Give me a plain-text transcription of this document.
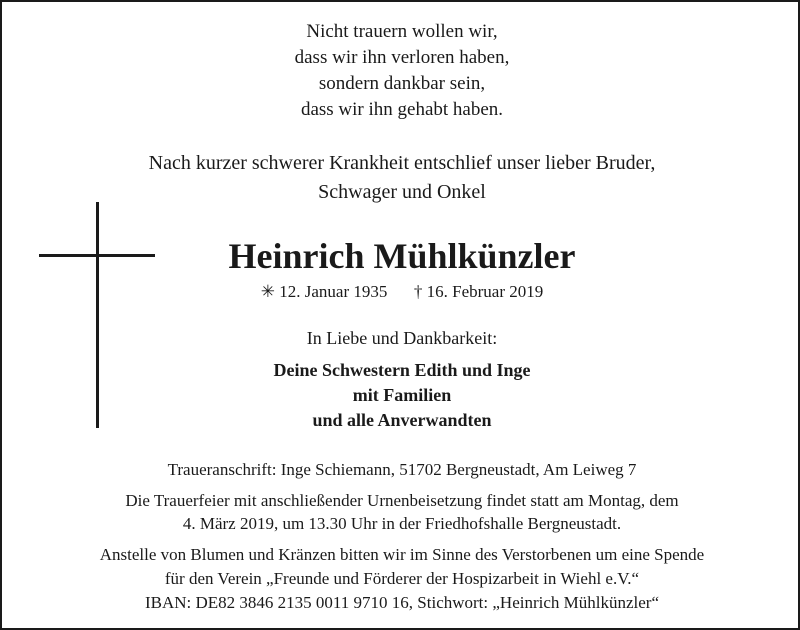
Nicht trauern wollen wir,
dass wir ihn verloren haben,
sondern dankbar sein,
dass wir ihn gehabt haben.
Nach kurzer schwerer Krankheit entschlief unser lieber Bruder,
Schwager und Onkel
Heinrich Mühlkünzler
✳ 12. Januar 1935 † 16. Februar 2019
In Liebe und Dankbarkeit:
Deine Schwestern Edith und Inge
mit Familien
und alle Anverwandten
Traueranschrift: Inge Schiemann, 51702 Bergneustadt, Am Leiweg 7
Die Trauerfeier mit anschließender Urnenbeisetzung findet statt am Montag, dem
4. März 2019, um 13.30 Uhr in der Friedhofshalle Bergneustadt.
Anstelle von Blumen und Kränzen bitten wir im Sinne des Verstorbenen um eine Spende
für den Verein „Freunde und Förderer der Hospizarbeit in Wiehl e.V.“
IBAN: DE82 3846 2135 0011 9710 16, Stichwort: „Heinrich Mühlkünzler“
